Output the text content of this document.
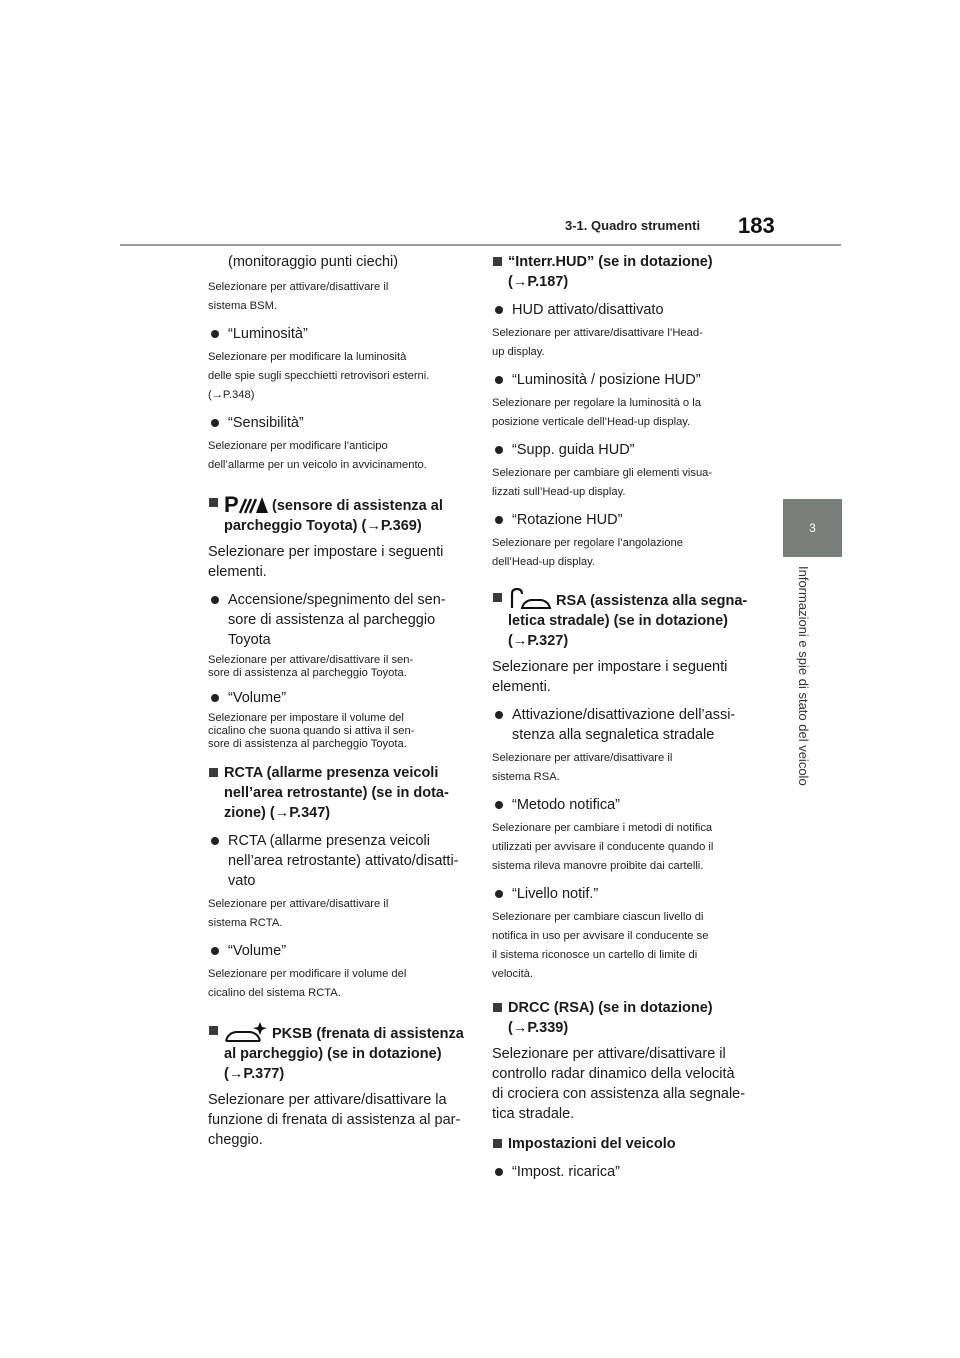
3-1. Quadro strumenti 183
3
Informazioni e spie di stato del veicolo

(monitoraggio punti ciechi)

Selezionare per attivare/disattivare il
sistema BSM.
“Luminosità”
Selezionare per modificare la luminosità
delle spie sugli specchietti retrovisori esterni.
(→P.348)
“Sensibilità”
Selezionare per modificare l’anticipo
dell’allarme per un veicolo in avvicinamento.
P (sensore di assistenza al
parcheggio Toyota) (→P.369)
Selezionare per impostare i seguenti
elementi.
Accensione/spegnimento del sen-
sore di assistenza al parcheggio
Toyota
Selezionare per attivare/disattivare il sen-
sore di assistenza al parcheggio Toyota.
“Volume”
Selezionare per impostare il volume del
cicalino che suona quando si attiva il sen-
sore di assistenza al parcheggio Toyota.
RCTA (allarme presenza veicoli
nell’area retrostante) (se in dota-
zione) (→P.347)
RCTA (allarme presenza veicoli
nell’area retrostante) attivato/disatti-
vato
Selezionare per attivare/disattivare il
sistema RCTA.
“Volume”
Selezionare per modificare il volume del
cicalino del sistema RCTA.
PKSB (frenata di assistenza
al parcheggio) (se in dotazione)
(→P.377)
Selezionare per attivare/disattivare la
funzione di frenata di assistenza al par-
cheggio.
“Interr.HUD” (se in dotazione)
(→P.187)
HUD attivato/disattivato
Selezionare per attivare/disattivare l’Head-
up display.
“Luminosità / posizione HUD”
Selezionare per regolare la luminosità o la
posizione verticale dell’Head-up display.
“Supp. guida HUD”
Selezionare per cambiare gli elementi visua-
lizzati sull’Head-up display.
“Rotazione HUD”
Selezionare per regolare l’angolazione
dell’Head-up display.
RSA (assistenza alla segna-
letica stradale) (se in dotazione)
(→P.327)
Selezionare per impostare i seguenti
elementi.
Attivazione/disattivazione dell’assi-
stenza alla segnaletica stradale
Selezionare per attivare/disattivare il
sistema RSA.
“Metodo notifica”
Selezionare per cambiare i metodi di notifica
utilizzati per avvisare il conducente quando il
sistema rileva manovre proibite dai cartelli.
“Livello notif.”
Selezionare per cambiare ciascun livello di
notifica in uso per avvisare il conducente se
il sistema riconosce un cartello di limite di
velocità.
DRCC (RSA) (se in dotazione)
(→P.339)
Selezionare per attivare/disattivare il
controllo radar dinamico della velocità
di crociera con assistenza alla segnale-
tica stradale.
Impostazioni del veicolo
“Impost. ricarica”
